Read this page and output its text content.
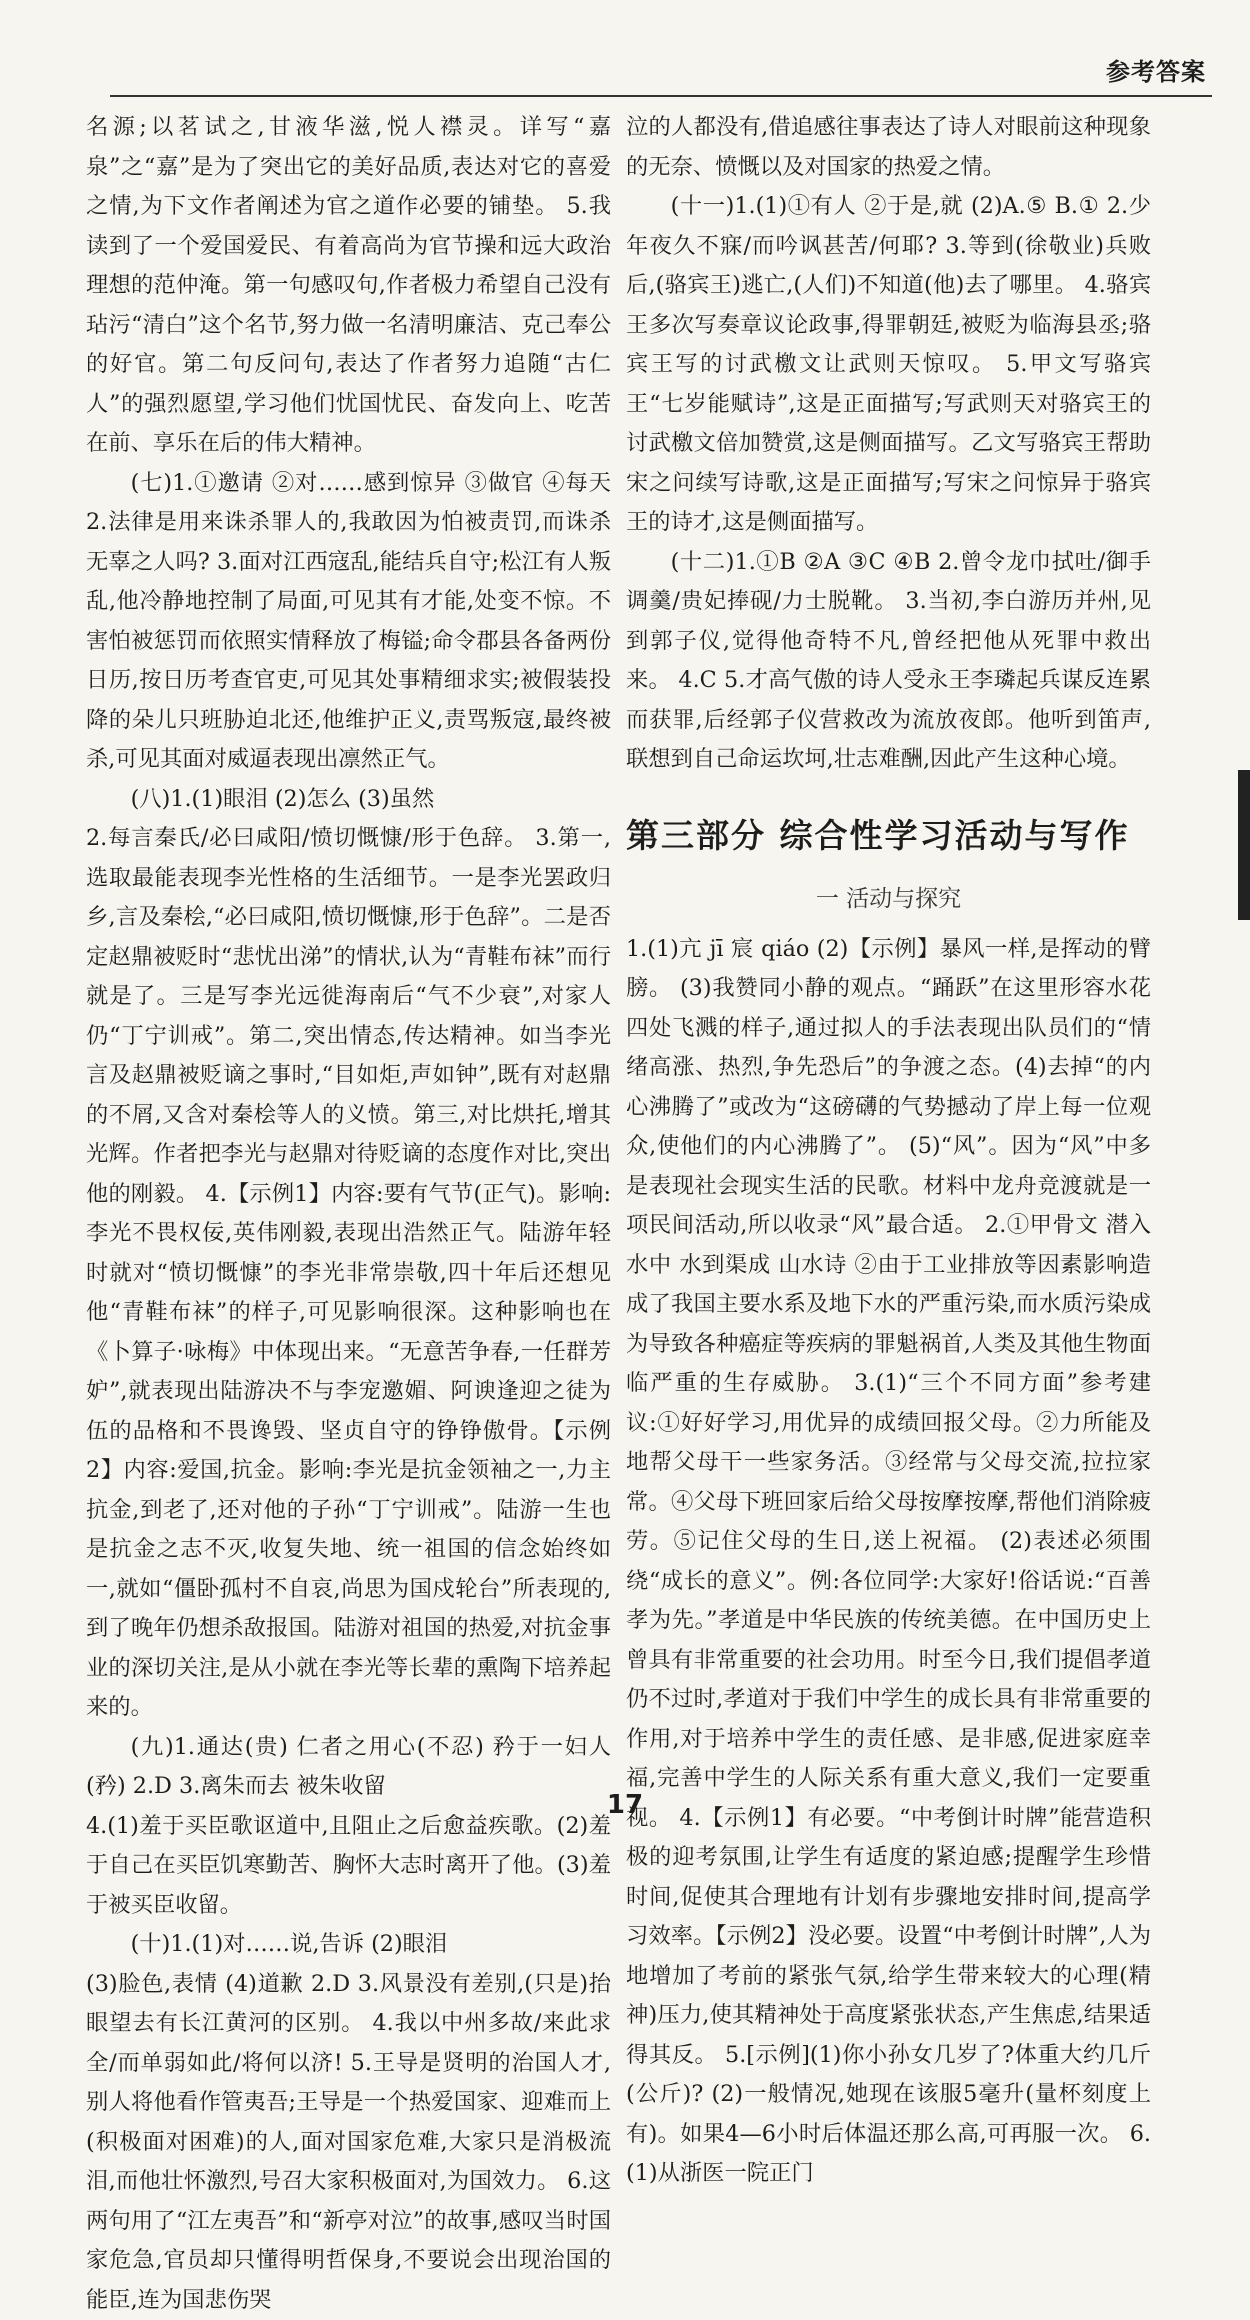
参考答案

名源;以茗试之,甘液华滋,悦人襟灵。详写“嘉泉”之“嘉”是为了突出它的美好品质,表达对它的喜爱之情,为下文作者阐述为官之道作必要的铺垫。 5.我读到了一个爱国爱民、有着高尚为官节操和远大政治理想的范仲淹。第一句感叹句,作者极力希望自己没有玷污“清白”这个名节,努力做一名清明廉洁、克己奉公的好官。第二句反问句,表达了作者努力追随“古仁人”的强烈愿望,学习他们忧国忧民、奋发向上、吃苦在前、享乐在后的伟大精神。

(七)1.①邀请 ②对……感到惊异 ③做官 ④每天 2.法律是用来诛杀罪人的,我敢因为怕被责罚,而诛杀无辜之人吗? 3.面对江西寇乱,能结兵自守;松江有人叛乱,他冷静地控制了局面,可见其有才能,处变不惊。不害怕被惩罚而依照实情释放了梅镒;命令郡县各备两份日历,按日历考查官吏,可见其处事精细求实;被假装投降的朵儿只班胁迫北还,他维护正义,责骂叛寇,最终被杀,可见其面对威逼表现出凛然正气。

(八)1.(1)眼泪 (2)怎么 (3)虽然

2.每言秦氏/必曰咸阳/愤切慨慷/形于色辞。 3.第一,选取最能表现李光性格的生活细节。一是李光罢政归乡,言及秦桧,“必曰咸阳,愤切慨慷,形于色辞”。二是否定赵鼎被贬时“悲忧出涕”的情状,认为“青鞋布袜”而行就是了。三是写李光远徙海南后“气不少衰”,对家人仍“丁宁训戒”。第二,突出情态,传达精神。如当李光言及赵鼎被贬谪之事时,“目如炬,声如钟”,既有对赵鼎的不屑,又含对秦桧等人的义愤。第三,对比烘托,增其光辉。作者把李光与赵鼎对待贬谪的态度作对比,突出他的刚毅。 4.【示例1】内容:要有气节(正气)。影响:李光不畏权佞,英伟刚毅,表现出浩然正气。陆游年轻时就对“愤切慨慷”的李光非常崇敬,四十年后还想见他“青鞋布袜”的样子,可见影响很深。这种影响也在《卜算子·咏梅》中体现出来。“无意苦争春,一任群芳妒”,就表现出陆游决不与李宠邀媚、阿谀逢迎之徒为伍的品格和不畏谗毁、坚贞自守的铮铮傲骨。【示例2】内容:爱国,抗金。影响:李光是抗金领袖之一,力主抗金,到老了,还对他的子孙“丁宁训戒”。陆游一生也是抗金之志不灭,收复失地、统一祖国的信念始终如一,就如“僵卧孤村不自哀,尚思为国戍轮台”所表现的,到了晚年仍想杀敌报国。陆游对祖国的热爱,对抗金事业的深切关注,是从小就在李光等长辈的熏陶下培养起来的。

(九)1.通达(贵) 仁者之用心(不忍) 矜于一妇人(矜) 2.D 3.离朱而去 被朱收留

4.(1)羞于买臣歌讴道中,且阻止之后愈益疾歌。(2)羞于自己在买臣饥寒勤苦、胸怀大志时离开了他。(3)羞于被买臣收留。

(十)1.(1)对……说,告诉 (2)眼泪

(3)脸色,表情 (4)道歉 2.D 3.风景没有差别,(只是)抬眼望去有长江黄河的区别。 4.我以中州多故/来此求全/而单弱如此/将何以济! 5.王导是贤明的治国人才,别人将他看作管夷吾;王导是一个热爱国家、迎难而上(积极面对困难)的人,面对国家危难,大家只是消极流泪,而他壮怀激烈,号召大家积极面对,为国效力。 6.这两句用了“江左夷吾”和“新亭对泣”的故事,感叹当时国家危急,官员却只懂得明哲保身,不要说会出现治国的能臣,连为国悲伤哭

泣的人都没有,借追感往事表达了诗人对眼前这种现象的无奈、愤慨以及对国家的热爱之情。

(十一)1.(1)①有人 ②于是,就 (2)A.⑤ B.① 2.少年夜久不寐/而吟讽甚苦/何耶? 3.等到(徐敬业)兵败后,(骆宾王)逃亡,(人们)不知道(他)去了哪里。 4.骆宾王多次写奏章议论政事,得罪朝廷,被贬为临海县丞;骆宾王写的讨武檄文让武则天惊叹。 5.甲文写骆宾王“七岁能赋诗”,这是正面描写;写武则天对骆宾王的讨武檄文倍加赞赏,这是侧面描写。乙文写骆宾王帮助宋之问续写诗歌,这是正面描写;写宋之问惊异于骆宾王的诗才,这是侧面描写。

(十二)1.①B ②A ③C ④B 2.曾令龙巾拭吐/御手调羹/贵妃捧砚/力士脱靴。 3.当初,李白游历并州,见到郭子仪,觉得他奇特不凡,曾经把他从死罪中救出来。 4.C 5.才高气傲的诗人受永王李璘起兵谋反连累而获罪,后经郭子仪营救改为流放夜郎。他听到笛声,联想到自己命运坎坷,壮志难酬,因此产生这种心境。

第三部分 综合性学习活动与写作
一 活动与探究

1.(1)亢 jī 宸 qiáo (2)【示例】暴风一样,是挥动的臂膀。 (3)我赞同小静的观点。“踊跃”在这里形容水花四处飞溅的样子,通过拟人的手法表现出队员们的“情绪高涨、热烈,争先恐后”的争渡之态。(4)去掉“的内心沸腾了”或改为“这磅礴的气势撼动了岸上每一位观众,使他们的内心沸腾了”。 (5)“风”。因为“风”中多是表现社会现实生活的民歌。材料中龙舟竞渡就是一项民间活动,所以收录“风”最合适。 2.①甲骨文 潜入水中 水到渠成 山水诗 ②由于工业排放等因素影响造成了我国主要水系及地下水的严重污染,而水质污染成为导致各种癌症等疾病的罪魁祸首,人类及其他生物面临严重的生存威胁。 3.(1)“三个不同方面”参考建议:①好好学习,用优异的成绩回报父母。②力所能及地帮父母干一些家务活。③经常与父母交流,拉拉家常。④父母下班回家后给父母按摩按摩,帮他们消除疲劳。⑤记住父母的生日,送上祝福。 (2)表述必须围绕“成长的意义”。例:各位同学:大家好!俗话说:“百善孝为先。”孝道是中华民族的传统美德。在中国历史上曾具有非常重要的社会功用。时至今日,我们提倡孝道仍不过时,孝道对于我们中学生的成长具有非常重要的作用,对于培养中学生的责任感、是非感,促进家庭幸福,完善中学生的人际关系有重大意义,我们一定要重视。 4.【示例1】有必要。“中考倒计时牌”能营造积极的迎考氛围,让学生有适度的紧迫感;提醒学生珍惜时间,促使其合理地有计划有步骤地安排时间,提高学习效率。【示例2】没必要。设置“中考倒计时牌”,人为地增加了考前的紧张气氛,给学生带来较大的心理(精神)压力,使其精神处于高度紧张状态,产生焦虑,结果适得其反。 5.[示例](1)你小孙女几岁了?体重大约几斤(公斤)? (2)一般情况,她现在该服5毫升(量杯刻度上有)。如果4—6小时后体温还那么高,可再服一次。 6.(1)从浙医一院正门

17
